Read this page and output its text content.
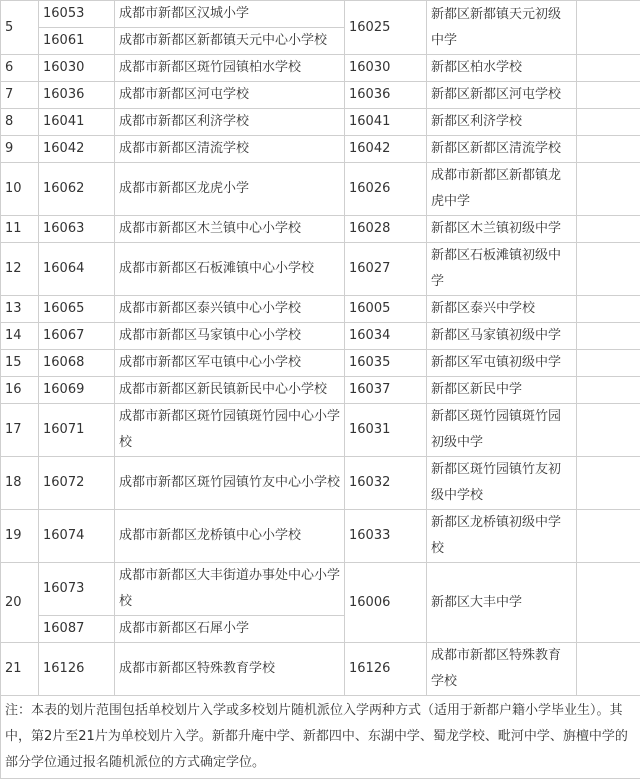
5	16053	成都市新都区汉城小学	16025	新都区新都镇天元初级中学	
	16061	成都市新都区新都镇天元中心小学校			
6	16030	成都市新都区斑竹园镇柏水学校	16030	新都区柏水学校	
7	16036	成都市新都区河屯学校	16036	新都区新都区河屯学校	
8	16041	成都市新都区利济学校	16041	新都区利济学校	
9	16042	成都市新都区清流学校	16042	新都区新都区清流学校	
10	16062	成都市新都区龙虎小学	16026	成都市新都区新都镇龙虎中学	
11	16063	成都市新都区木兰镇中心小学校	16028	新都区木兰镇初级中学	
12	16064	成都市新都区石板滩镇中心小学校	16027	新都区石板滩镇初级中学	
13	16065	成都市新都区泰兴镇中心小学校	16005	新都区泰兴中学校	
14	16067	成都市新都区马家镇中心小学校	16034	新都区马家镇初级中学	
15	16068	成都市新都区军屯镇中心小学校	16035	新都区军屯镇初级中学	
16	16069	成都市新都区新民镇新民中心小学校	16037	新都区新民中学	
17	16071	成都市新都区斑竹园镇斑竹园中心小学校	16031	新都区斑竹园镇斑竹园初级中学	
18	16072	成都市新都区斑竹园镇竹友中心小学校	16032	新都区斑竹园镇竹友初级中学校	
19	16074	成都市新都区龙桥镇中心小学校	16033	新都区龙桥镇初级中学校	
20	16073	成都市新都区大丰街道办事处中心小学校	16006	新都区大丰中学	
	16087	成都市新都区石犀小学			
21	16126	成都市新都区特殊教育学校	16126	成都市新都区特殊教育学校	
注：本表的划片范围包括单校划片入学或多校划片随机派位入学两种方式（适用于新都户籍小学毕业生）。其中，第2片至21片为单校划片入学。新都升庵中学、新都四中、东湖中学、蜀龙学校、毗河中学、旃檀中学的部分学位通过报名随机派位的方式确定学位。					
